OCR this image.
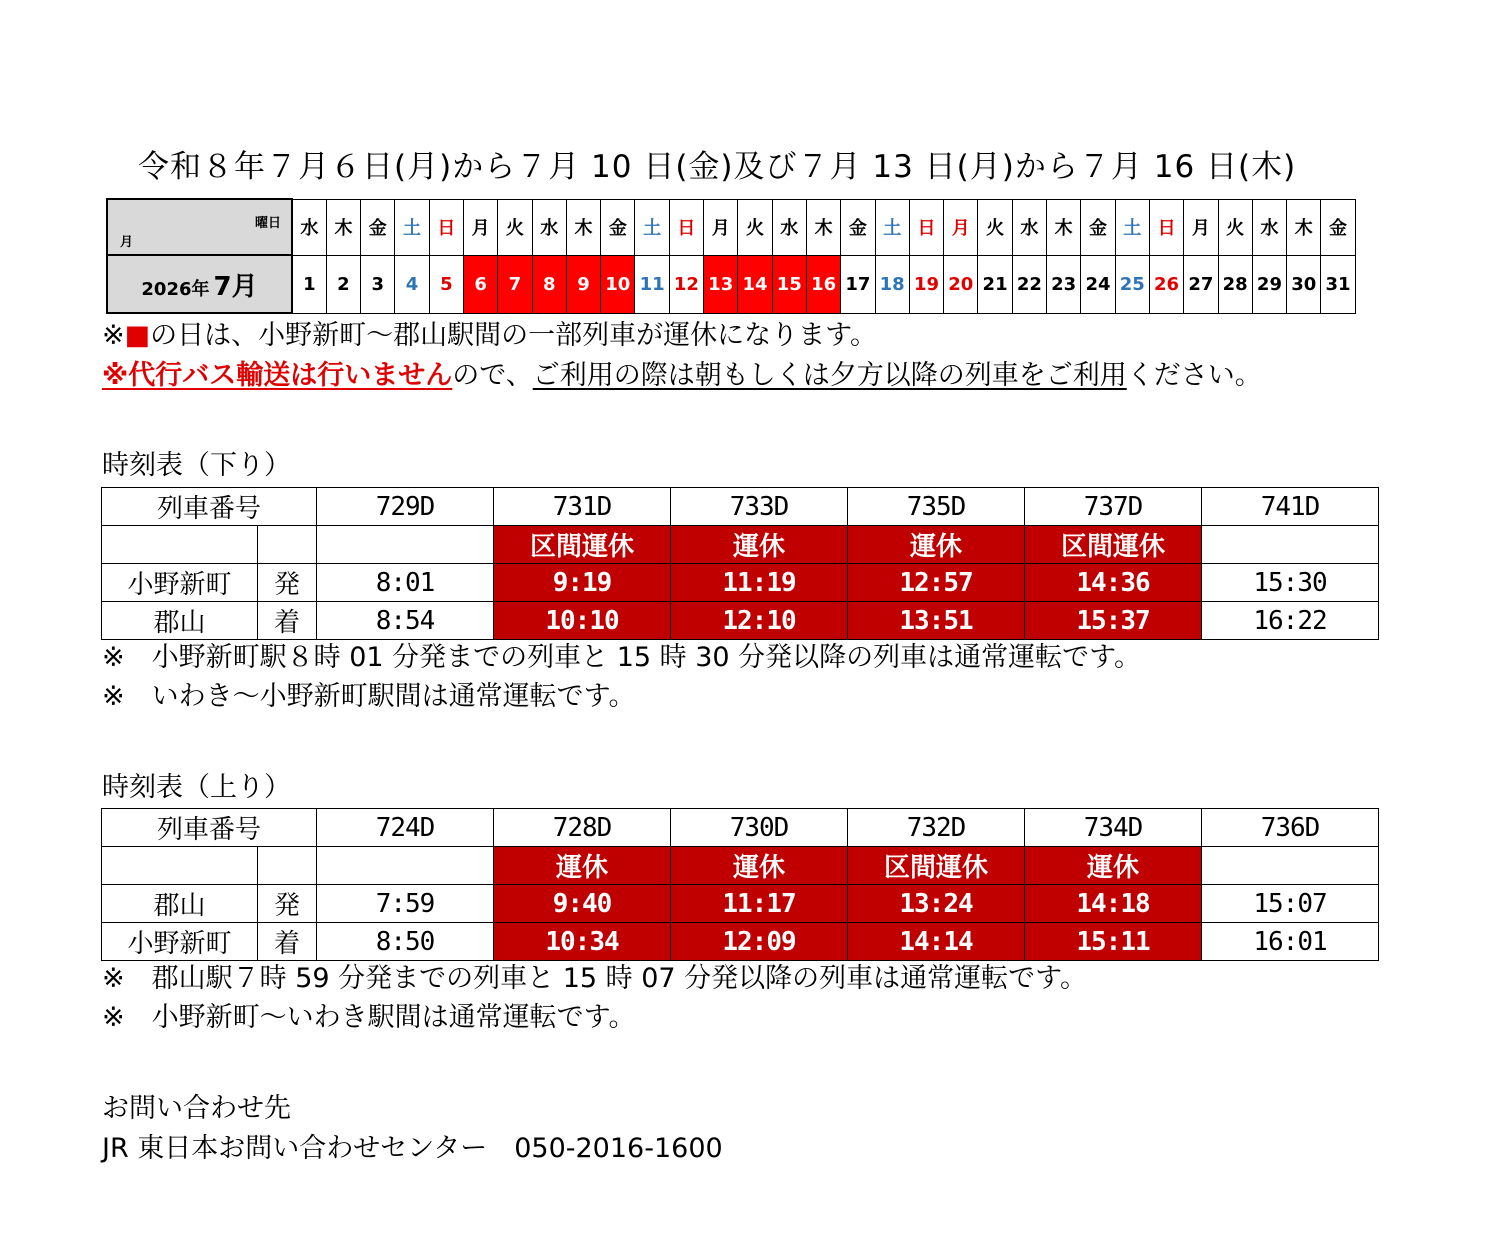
令和８年７月６日(月)から７月 10 日(金)及び７月 13 日(月)から７月 16 日(木)
曜日
月	水	木	金	土	日	月	火	水	木	金	土	日	月	火	水	木	金	土	日	月	火	水	木	金	土	日	月	火	水	木	金
2026年 7月	1	2	3	4	5	6	7	8	9	10	11	12	13	14	15	16	17	18	19	20	21	22	23	24	25	26	27	28	29	30	31
※■の日は、小野新町～郡山駅間の一部列車が運休になります。
※代行バス輸送は行いませんので、ご利用の際は朝もしくは夕方以降の列車をご利用ください。
時刻表（下り）
列車番号		729D	731D	733D	735D	737D	741D
			区間運休	運休	運休	区間運休	
小野新町	発	8:01	9:19	11:19	12:57	14:36	15:30
郡山	着	8:54	10:10	12:10	13:51	15:37	16:22
※　小野新町駅８時 01 分発までの列車と 15 時 30 分発以降の列車は通常運転です。
※　いわき～小野新町駅間は通常運転です。
時刻表（上り）
列車番号		724D	728D	730D	732D	734D	736D
			運休	運休	区間運休	運休	
郡山	発	7:59	9:40	11:17	13:24	14:18	15:07
小野新町	着	8:50	10:34	12:09	14:14	15:11	16:01
※　郡山駅７時 59 分発までの列車と 15 時 07 分発以降の列車は通常運転です。
※　小野新町～いわき駅間は通常運転です。
お問い合わせ先
JR 東日本お問い合わせセンター　050-2016-1600
